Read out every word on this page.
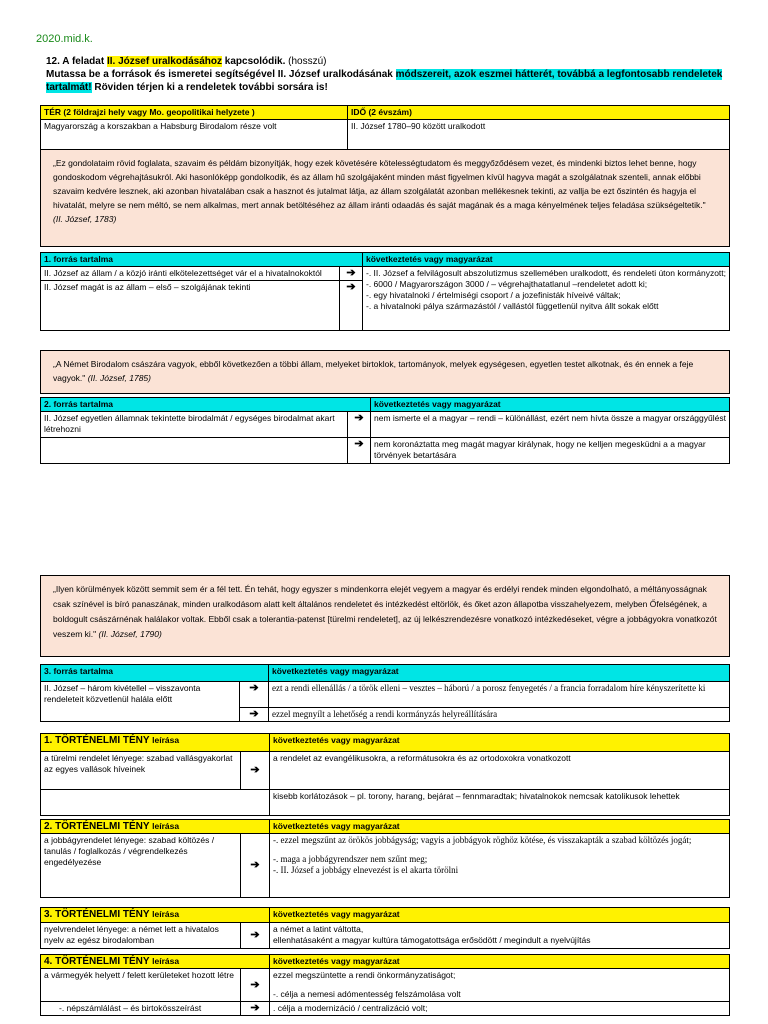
2020.mid.k.
12. A feladat II. József uralkodásához kapcsolódik. (hosszú)
Mutassa be a források és ismeretei segítségével II. József uralkodásának módszereit, azok eszmei hátterét, továbbá a legfontosabb rendeletek tartalmát! Röviden térjen ki a rendeletek további sorsára is!
TÉR (2 földrajzi hely vagy Mo. geopolitikai helyzete )	IDŐ (2 évszám)
Magyarország a korszakban a Habsburg Birodalom része volt	II. József 1780–90 között uralkodott
„Ez gondolataim rövid foglalata, szavaim és példám bizonyítják, hogy ezek követésére kötelességtudatom és meggyőződésem vezet, és mindenki biztos lehet benne, hogy gondoskodom végrehajtásukról. Aki hasonlóképp gondolkodik, és az állam hű szolgájaként minden mást figyelmen kívül hagyva magát a szolgálatnak szenteli, annak előbbi szavaim kedvére lesznek, aki azonban hivatalában csak a hasznot és jutalmat látja, az állam szolgálatát azonban mellékesnek tekinti, az vallja be ezt őszintén és hagyja el hivatalát, melyre se nem méltó, se nem alkalmas, mert annak betöltéséhez az állam iránti odaadás és saját magának és a maga kényelmének teljes feladása szükségeltetik." (II. József, 1783)
1. forrás tartalma		következtetés vagy magyarázat
II. József az állam / a közjó iránti elkötelezettséget vár el a hivatalnokoktól	➔	-. II. József a felvilágosult abszolutizmus szellemében uralkodott, és rendeleti úton kormányzott;
-. 6000 / Magyarországon 3000 / – végrehajthatatlanul –rendeletet adott ki;
-. egy hivatalnoki / értelmiségi csoport / a jozefinisták híveivé váltak;
-. a hivatalnoki pálya származástól / vallástól függetlenül nyitva állt sokak előtt

II. József magát is az állam – első – szolgájának tekinti	➔	
„A Német Birodalom császára vagyok, ebből következően a többi állam, melyeket birtoklok, tartományok, melyek egységesen, egyetlen testet alkotnak, és én ennek a feje vagyok." (II. József, 1785)
2. forrás tartalma		következtetés vagy magyarázat
II. József egyetlen államnak tekintette birodalmát / egységes birodalmat akart létrehozni	➔	nem ismerte el a magyar – rendi – különállást, ezért nem hívta össze a magyar országgyűlést
	➔	nem koronáztatta meg magát magyar királynak, hogy ne kelljen megesküdni a a magyar törvények betartására
„Ilyen körülmények között semmit sem ér a fél tett. Én tehát, hogy egyszer s mindenkorra elejét vegyem a magyar és erdélyi rendek minden elgondolható, a méltányosságnak csak színével is bíró panaszának, minden uralkodásom alatt kelt általános rendeletet és intézkedést eltörlök, és őket azon állapotba visszahelyezem, melyben Őfelségének, a boldogult császárnénak halálakor voltak. Ebből csak a tolerantia-patenst [türelmi rendeletet], az új lelkészrendezésre vonatkozó intézkedéseket, végre a jobbágyokra vonatkozót veszem ki." (II. József, 1790)
3. forrás tartalma		következtetés vagy magyarázat
II. József – három kivétellel – visszavonta rendeleteit közvetlenül halála előtt	➔	ezt a rendi ellenállás / a török elleni – vesztes – háború / a porosz fenyegetés / a francia forradalom híre kényszerítette ki
	➔	ezzel megnyílt a lehetőség a rendi kormányzás helyreállítására
1. TÖRTÉNELMI TÉNY leírása		következtetés vagy magyarázat
a türelmi rendelet lényege: szabad vallásgyakorlat az egyes vallások híveinek	➔	a rendelet az evangélikusokra, a reformátusokra és az ortodoxokra vonatkozott
		kisebb korlátozások – pl. torony, harang, bejárat – fennmaradtak; hivatalnokok nemcsak katolikusok lehettek
2. TÖRTÉNELMI TÉNY leírása		következtetés vagy magyarázat
a jobbágyrendelet lényege: szabad költözés / tanulás / foglalkozás / végrendelkezés engedélyezése	➔	-. ezzel megszűnt az örökös jobbágyság; vagyis a jobbágyok röghöz kötése, és visszakapták a szabad költözés jogát;
-. maga a jobbágyrendszer nem szűnt meg;
-. II. József a jobbágy elnevezést is el akarta törölni
3. TÖRTÉNELMI TÉNY leírása		következtetés vagy magyarázat
nyelvrendelet lényege: a német lett a hivatalos nyelv az egész birodalomban	➔	a német a latint váltotta,
ellenhatásaként a magyar kultúra támogatottsága erősödött / megindult a nyelvújítás
4. TÖRTÉNELMI TÉNY leírása		következtetés vagy magyarázat
a vármegyék helyett / felett kerületeket hozott létre	➔	ezzel megszüntette a rendi önkormányzatiságot;
-. célja a nemesi adómentesség felszámolása volt

-. népszámlálást – és birtokösszeírást	➔	. célja a modernizáció / centralizáció volt;
